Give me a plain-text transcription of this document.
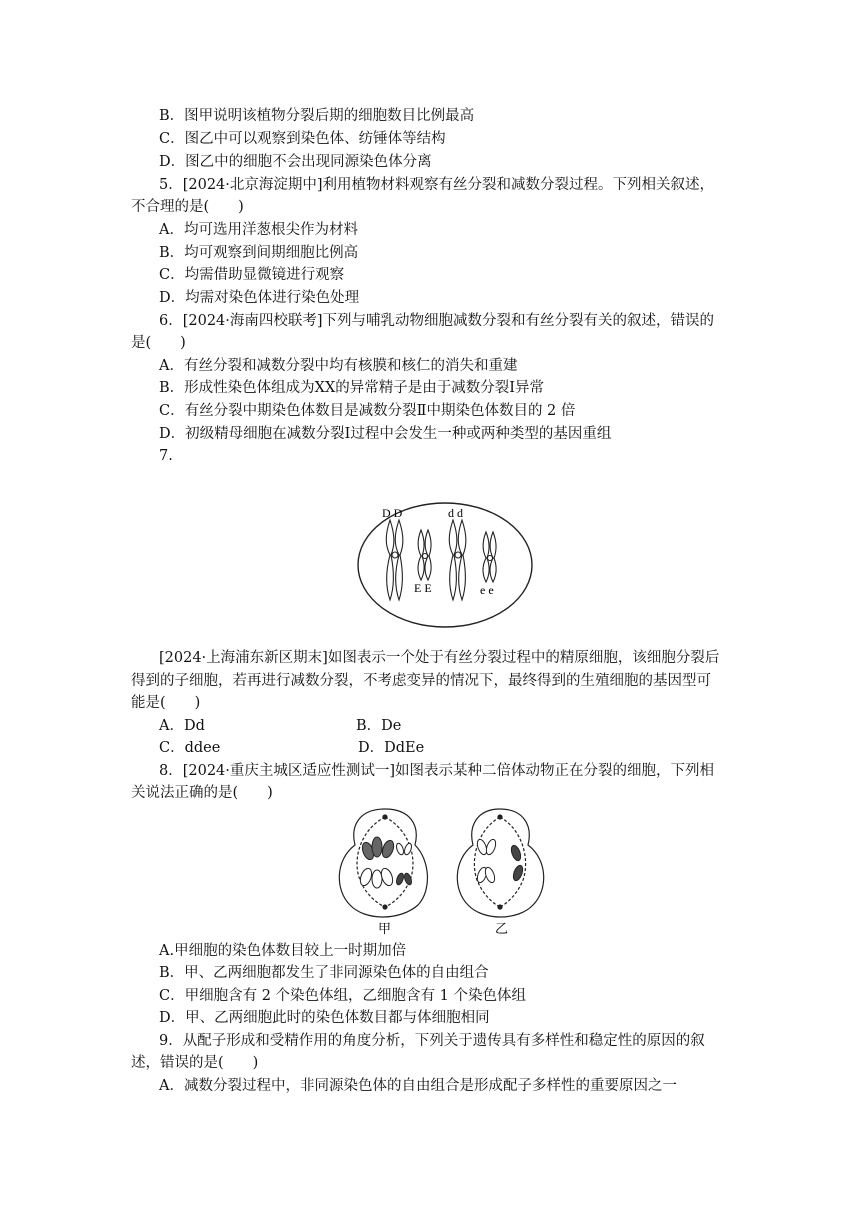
B．图甲说明该植物分裂后期的细胞数目比例最高
C．图乙中可以观察到染色体、纺锤体等结构
D．图乙中的细胞不会出现同源染色体分离
5．[2024·北京海淀期中]利用植物材料观察有丝分裂和减数分裂过程。下列相关叙述，
不合理的是(　　)
A．均可选用洋葱根尖作为材料
B．均可观察到间期细胞比例高
C．均需借助显微镜进行观察
D．均需对染色体进行染色处理
6．[2024·海南四校联考]下列与哺乳动物细胞减数分裂和有丝分裂有关的叙述，错误的
是(　　)
A．有丝分裂和减数分裂中均有核膜和核仁的消失和重建
B．形成性染色体组成为XX的异常精子是由于减数分裂Ⅰ异常
C．有丝分裂中期染色体数目是减数分裂Ⅱ中期染色体数目的 2 倍
D．初级精母细胞在减数分裂Ⅰ过程中会发生一种或两种类型的基因重组
7.
D D	d d
E E	e e
[2024·上海浦东新区期末]如图表示一个处于有丝分裂过程中的精原细胞，该细胞分裂后
得到的子细胞，若再进行减数分裂，不考虑变异的情况下，最终得到的生殖细胞的基因型可
能是(　　)
A．Dd	B．De
C．ddee	D．DdEe
8．[2024·重庆主城区适应性测试一]如图表示某种二倍体动物正在分裂的细胞，下列相
关说法正确的是(　　)
甲	乙
A.甲细胞的染色体数目较上一时期加倍
B．甲、乙两细胞都发生了非同源染色体的自由组合
C．甲细胞含有 2 个染色体组，乙细胞含有 1 个染色体组
D．甲、乙两细胞此时的染色体数目都与体细胞相同
9．从配子形成和受精作用的角度分析，下列关于遗传具有多样性和稳定性的原因的叙
述，错误的是(　　)
A．减数分裂过程中，非同源染色体的自由组合是形成配子多样性的重要原因之一
